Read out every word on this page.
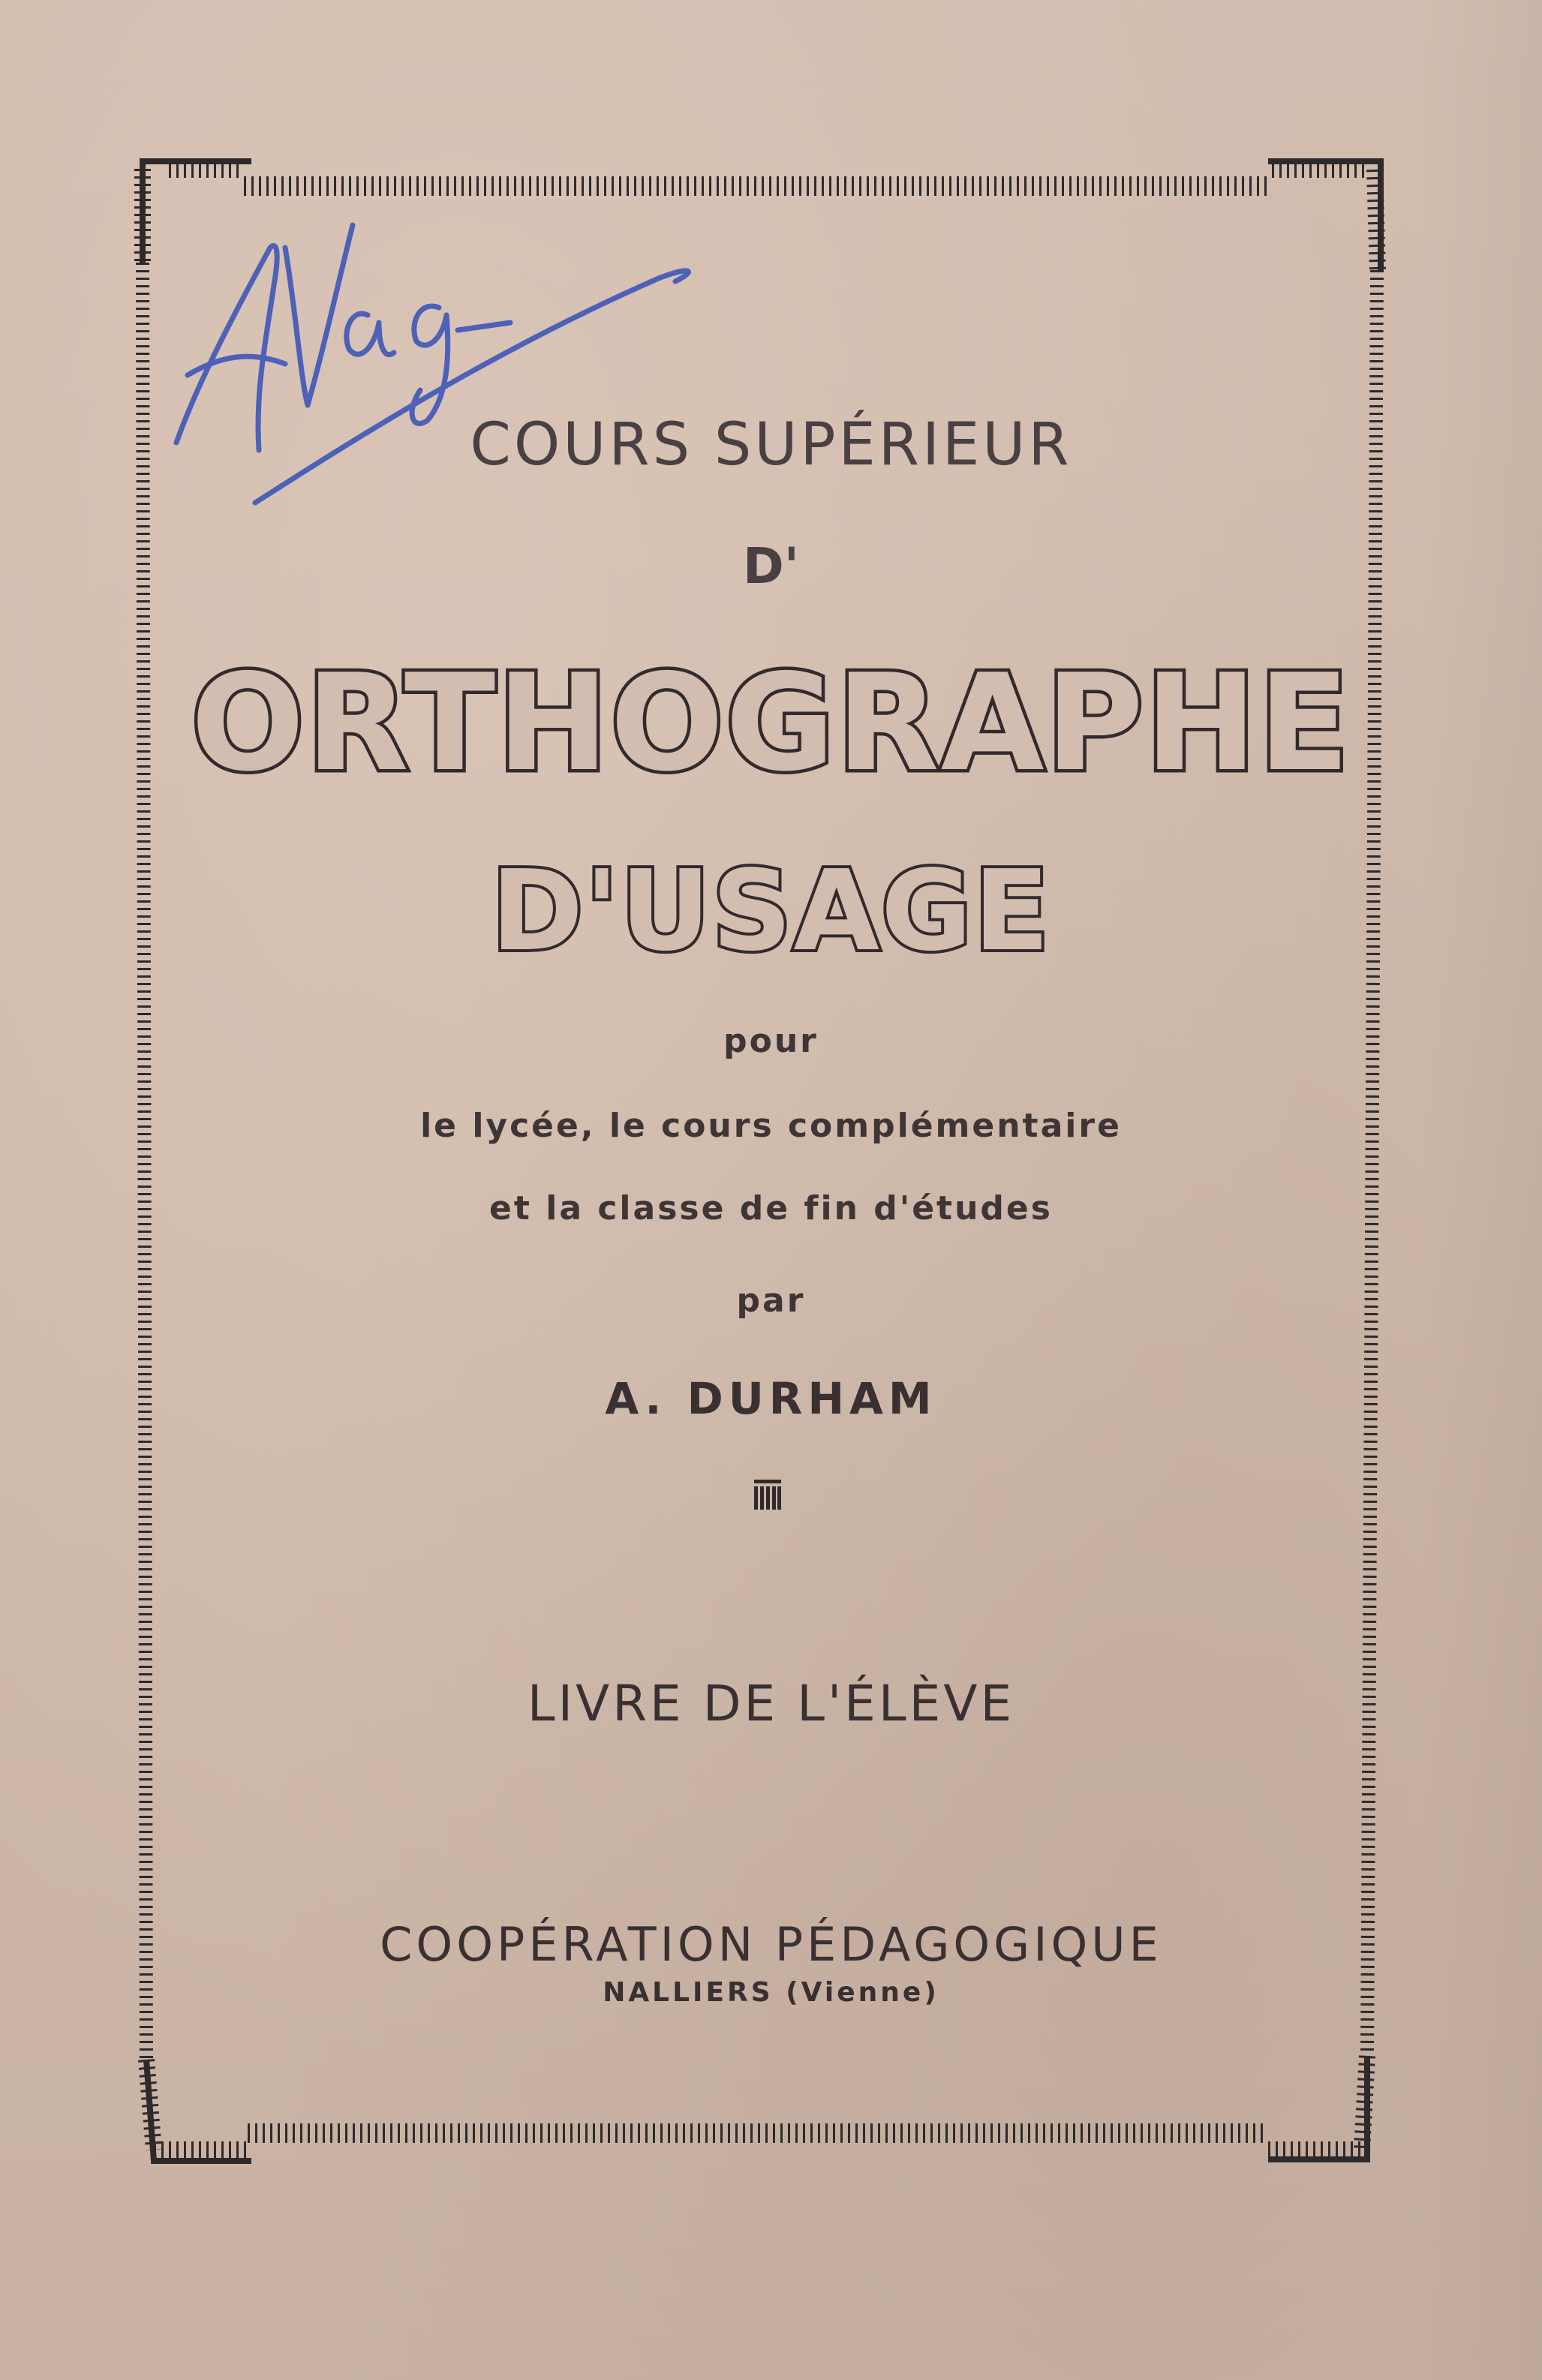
COURS SUPÉRIEUR
D'
ORTHOGRAPHE
D'USAGE
pour
le lycée, le cours complémentaire
et la classe de fin d'études
par
A. DURHAM
LIVRE DE L'ÉLÈVE
COOPÉRATION PÉDAGOGIQUE
NALLIERS (Vienne)
